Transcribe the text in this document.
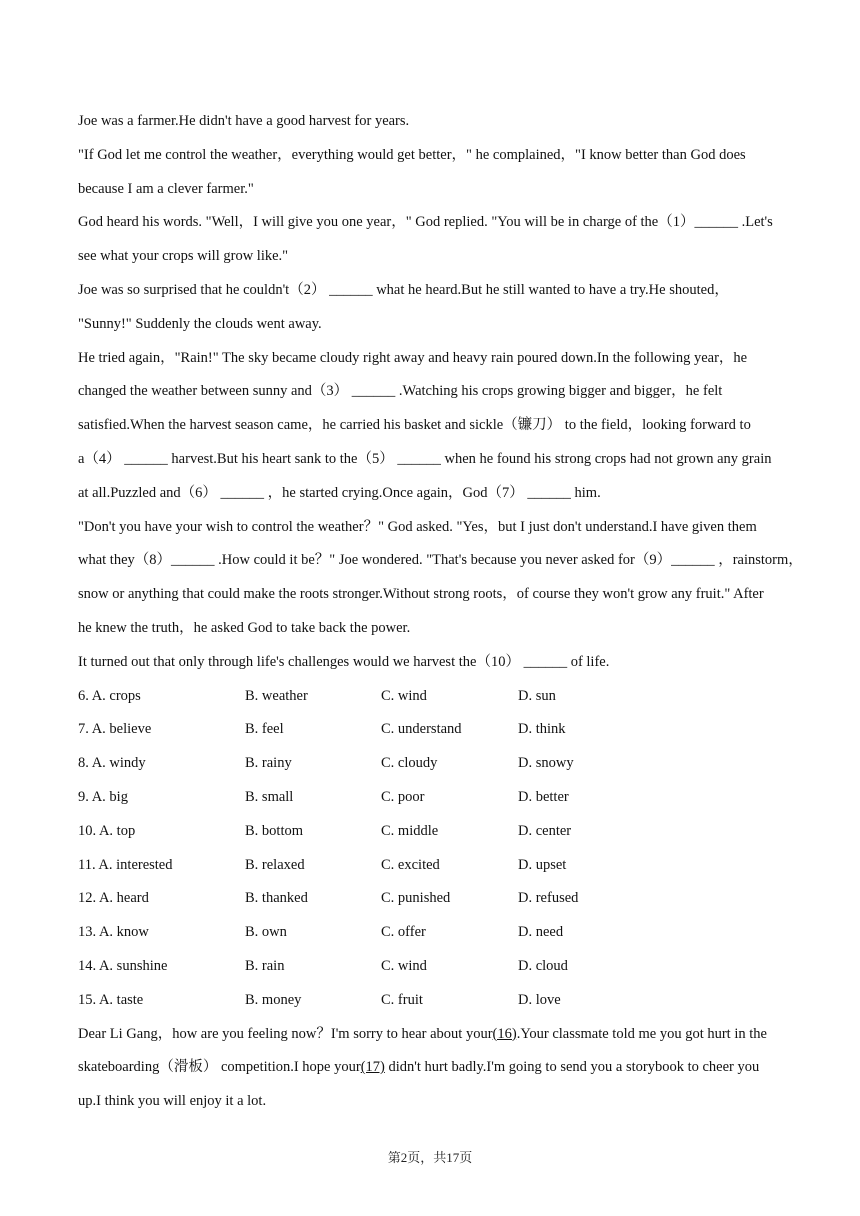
Joe was a farmer.He didn't have a good harvest for years.

"If God let me control the weather，everything would get better，" he complained，"I know better than God does

because I am a clever farmer."

God heard his words. "Well，I will give you one year，" God replied. "You will be in charge of the（1）______ .Let's

see what your crops will grow like."

Joe was so surprised that he couldn't（2） ______ what he heard.But he still wanted to have a try.He shouted，

"Sunny!" Suddenly the clouds went away.

He tried again，"Rain!" The sky became cloudy right away and heavy rain poured down.In the following year，he

changed the weather between sunny and（3） ______ .Watching his crops growing bigger and bigger，he felt

satisfied.When the harvest season came，he carried his basket and sickle（镰刀） to the field，looking forward to

a（4） ______ harvest.But his heart sank to the（5） ______ when he found his strong crops had not grown any grain

at all.Puzzled and（6） ______ ，he started crying.Once again，God（7） ______ him.

"Don't you have your wish to control the weather？" God asked. "Yes，but I just don't understand.I have given them

what they（8）______ .How could it be？" Joe wondered. "That's because you never asked for（9）______ ，rainstorm，

snow or anything that could make the roots stronger.Without strong roots，of course they won't grow any fruit." After

he knew the truth，he asked God to take back the power.

It turned out that only through life's challenges would we harvest the（10） ______ of life.

6. A. crops	B. weather	C. wind	D. sun
7. A. believe	B. feel	C. understand	D. think
8. A. windy	B. rainy	C. cloudy	D. snowy
9. A. big	B. small	C. poor	D. better
10. A. top	B. bottom	C. middle	D. center
11. A. interested	B. relaxed	C. excited	D. upset
12. A. heard	B. thanked	C. punished	D. refused
13. A. know	B. own	C. offer	D. need
14. A. sunshine	B. rain	C. wind	D. cloud
15. A. taste	B. money	C. fruit	D. love

Dear Li Gang，how are you feeling now？I'm sorry to hear about your(16).Your classmate told me you got hurt in the

skateboarding（滑板） competition.I hope your(17) didn't hurt badly.I'm going to send you a storybook to cheer you

up.I think you will enjoy it a lot.

第2页，共17页
